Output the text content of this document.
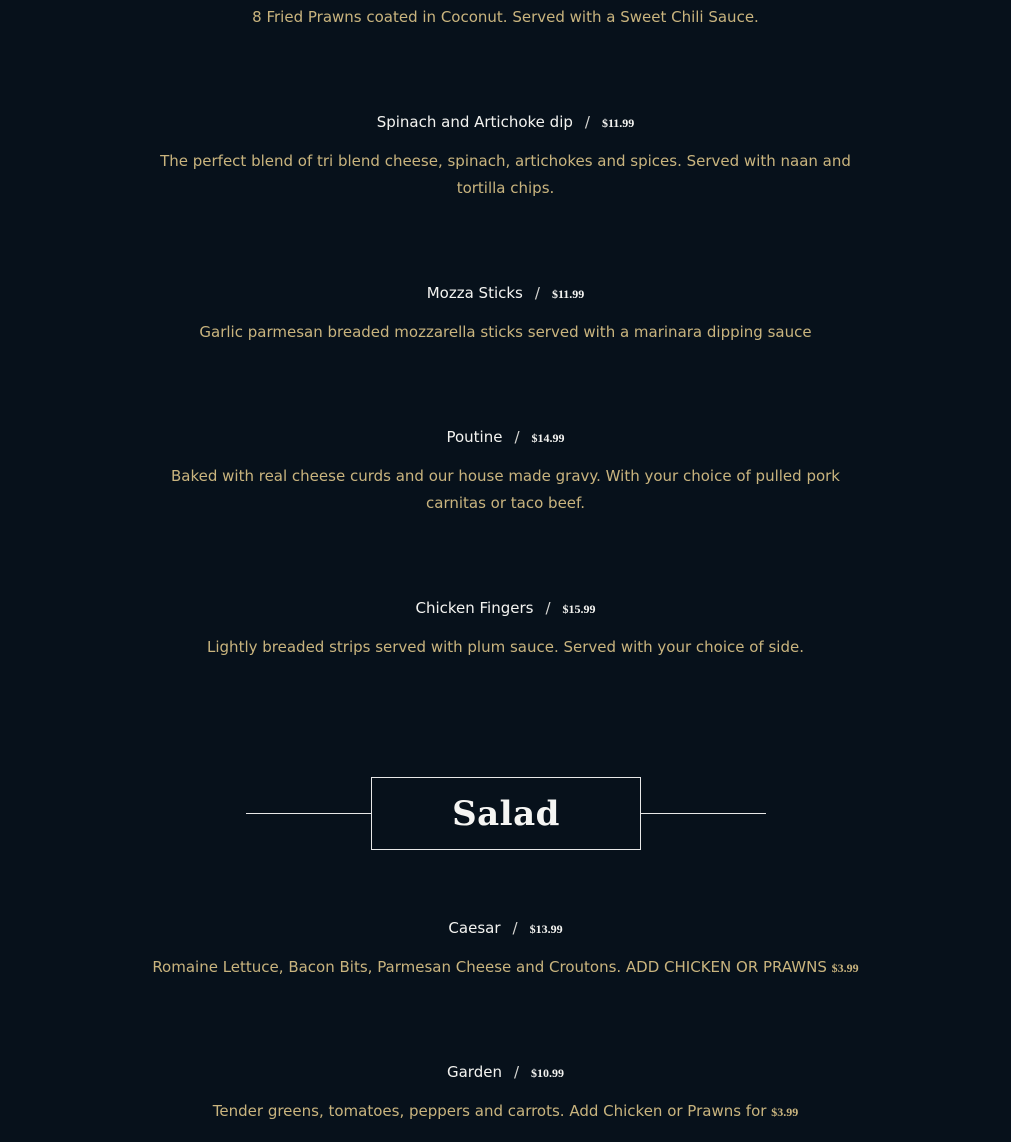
8 Fried Prawns coated in Coconut. Served with a Sweet Chili Sauce.

Spinach and Artichoke dip / $11.99

The perfect blend of tri blend cheese, spinach, artichokes and spices. Served with naan and tortilla chips.

Mozza Sticks / $11.99

Garlic parmesan breaded mozzarella sticks served with a marinara dipping sauce

Poutine / $14.99

Baked with real cheese curds and our house made gravy. With your choice of pulled pork carnitas or taco beef.

Chicken Fingers / $15.99

Lightly breaded strips served with plum sauce. Served with your choice of side.

Salad
Caesar / $13.99

Romaine Lettuce, Bacon Bits, Parmesan Cheese and Croutons. ADD CHICKEN OR PRAWNS $3.99

Garden / $10.99

Tender greens, tomatoes, peppers and carrots. Add Chicken or Prawns for $3.99
